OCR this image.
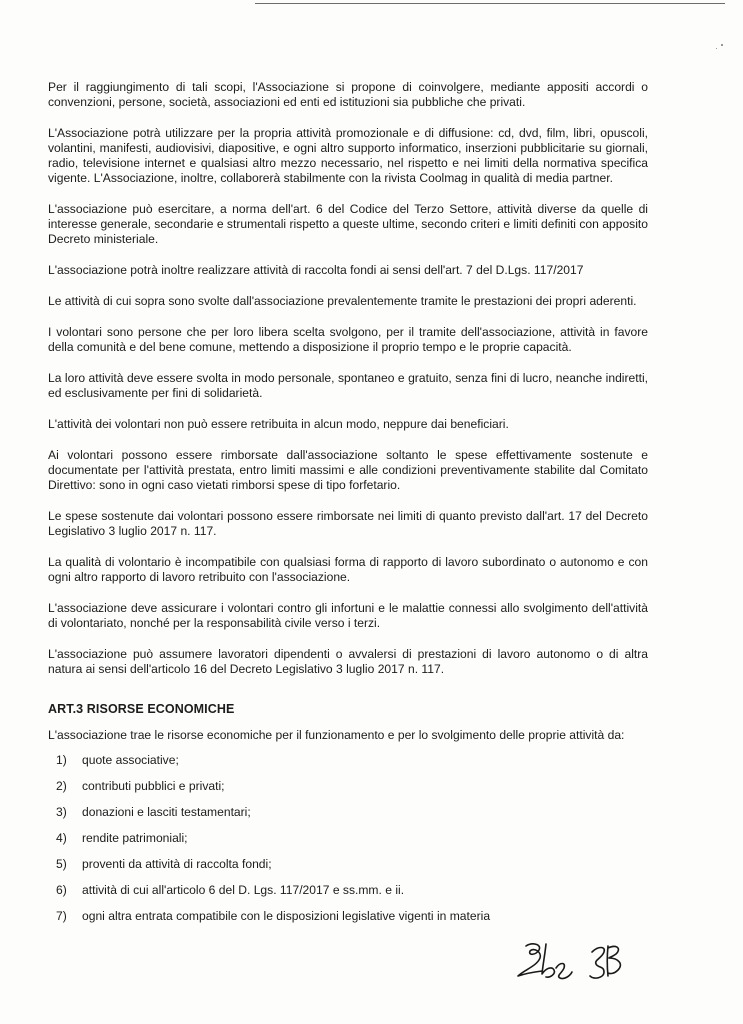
Per il raggiungimento di tali scopi, l'Associazione si propone di coinvolgere, mediante appositi accordi o convenzioni, persone, società, associazioni ed enti ed istituzioni sia pubbliche che privati.

L'Associazione potrà utilizzare per la propria attività promozionale e di diffusione: cd, dvd, film, libri, opuscoli, volantini, manifesti, audiovisivi, diapositive, e ogni altro supporto informatico, inserzioni pubblicitarie su giornali, radio, televisione internet e qualsiasi altro mezzo necessario, nel rispetto e nei limiti della normativa specifica vigente. L'Associazione, inoltre, collaborerà stabilmente con la rivista Coolmag in qualità di media partner.

L'associazione può esercitare, a norma dell'art. 6 del Codice del Terzo Settore, attività diverse da quelle di interesse generale, secondarie e strumentali rispetto a queste ultime, secondo criteri e limiti definiti con apposito Decreto ministeriale.

L'associazione potrà inoltre realizzare attività di raccolta fondi ai sensi dell'art. 7 del D.Lgs. 117/2017

Le attività di cui sopra sono svolte dall'associazione prevalentemente tramite le prestazioni dei propri aderenti.

I volontari sono persone che per loro libera scelta svolgono, per il tramite dell'associazione, attività in favore della comunità e del bene comune, mettendo a disposizione il proprio tempo e le proprie capacità.

La loro attività deve essere svolta in modo personale, spontaneo e gratuito, senza fini di lucro, neanche indiretti, ed esclusivamente per fini di solidarietà.

L'attività dei volontari non può essere retribuita in alcun modo, neppure dai beneficiari.

Ai volontari possono essere rimborsate dall'associazione soltanto le spese effettivamente sostenute e documentate per l'attività prestata, entro limiti massimi e alle condizioni preventivamente stabilite dal Comitato Direttivo: sono in ogni caso vietati rimborsi spese di tipo forfetario.

Le spese sostenute dai volontari possono essere rimborsate nei limiti di quanto previsto dall'art. 17 del Decreto Legislativo 3 luglio 2017 n. 117.

La qualità di volontario è incompatibile con qualsiasi forma di rapporto di lavoro subordinato o autonomo e con ogni altro rapporto di lavoro retribuito con l'associazione.

L'associazione deve assicurare i volontari contro gli infortuni e le malattie connessi allo svolgimento dell'attività di volontariato, nonché per la responsabilità civile verso i terzi.

L'associazione può assumere lavoratori dipendenti o avvalersi di prestazioni di lavoro autonomo o di altra natura ai sensi dell'articolo 16 del Decreto Legislativo 3 luglio 2017 n. 117.

ART.3 RISORSE ECONOMICHE

L'associazione trae le risorse economiche per il funzionamento e per lo svolgimento delle proprie attività da:

1)	quote associative;
2)	contributi pubblici e privati;
3)	donazioni e lasciti testamentari;
4)	rendite patrimoniali;
5)	proventi da attività di raccolta fondi;
6)	attività di cui all'articolo 6 del D. Lgs. 117/2017 e ss.mm. e ii.
7)	ogni altra entrata compatibile con le disposizioni legislative vigenti in materia
